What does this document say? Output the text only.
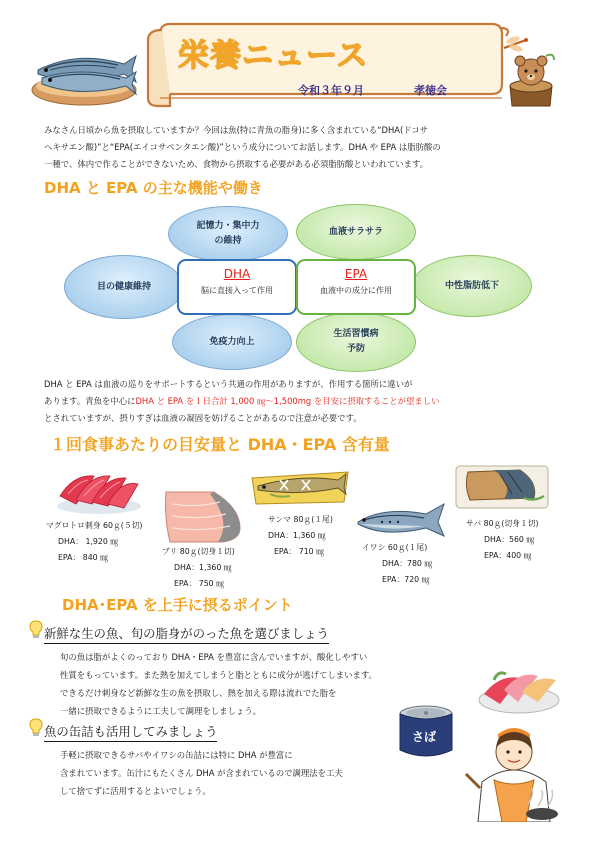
栄養ニュース
令和３年９月	孝徳会
みなさん日頃から魚を摂取していますか？今回は魚(特に青魚の脂身)に多く含まれている“DHA(ドコサ
ヘキサエン酸)”と“EPA(エイコサペンタエン酸)”という成分についてお話します。DHA や EPA は脂肪酸の
一種で、体内で作ることができないため、食物から摂取する必要がある必須脂肪酸といわれています。
DHA と EPA の主な機能や働き
記憶力・集中力
の維持
血液サラサラ
目の健康維持	中性脂肪低下
免疫力向上
生活習慣病
予防
DHA
脳に直接入って作用
EPA
血液中の成分に作用
DHA と EPA は血液の巡りをサポートするという共通の作用がありますが、作用する箇所に違いが
あります。青魚を中心にDHA と EPA を１日合計 1,000 ㎎～1,500mg を目安に摂取することが望ましい
とされていますが、摂りすぎは血液の凝固を妨げることがあるので注意が必要です。
１回食事あたりの目安量と DHA・EPA 含有量
マグロトロ刺身 60ｇ(５切)
DHA： 1,920 ㎎
EPA： 840 ㎎
ブリ 80ｇ(切身１切)
DHA：1,360 ㎎
EPA： 750 ㎎
サンマ 80ｇ(１尾)
DHA：1,360 ㎎
EPA： 710 ㎎	イワシ 60ｇ(１尾)
DHA：780 ㎎
EPA：720 ㎎
サバ 80ｇ(切身１切)
DHA：560 ㎎
EPA：400 ㎎
DHA･EPA を上手に摂るポイント
新鮮な生の魚、旬の脂身がのった魚を選びましょう
旬の魚は脂がよくのっており DHA・EPA を豊富に含んでいますが、酸化しやすい
性質をもっています。また熱を加えてしまうと脂とともに成分が逃げてしまいます。
できるだけ刺身など新鮮な生の魚を摂取し、熱を加える際は流れでた脂を
一緒に摂取できるように工夫して調理をしましょう。
魚の缶詰も活用してみましょう
手軽に摂取できるサバやイワシの缶詰には特に DHA が豊富に
含まれています。缶汁にもたくさん DHA が含まれているので調理法を工夫
して捨てずに活用するとよいでしょう。
さば
